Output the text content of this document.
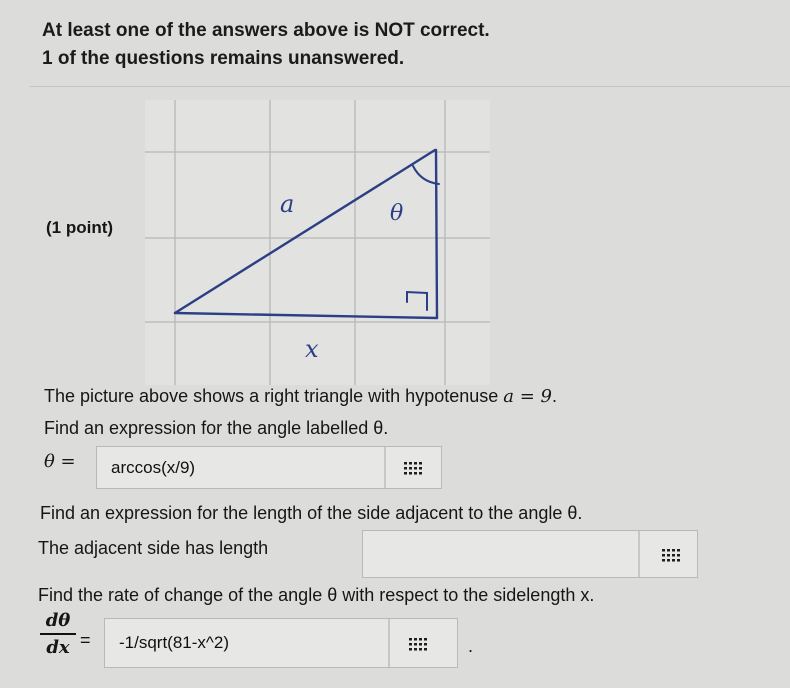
At least one of the answers above is NOT correct.
1 of the questions remains unanswered.
(1 point)
a	θ
x
The picture above shows a right triangle with hypotenuse a = 9.
Find an expression for the angle labelled θ.
θ = arccos(x/9)
Find an expression for the length of the side adjacent to the angle θ.
The adjacent side has length
Find the rate of change of the angle θ with respect to the sidelength x.
dθ
dx = -1/sqrt(81-x^2)	.
